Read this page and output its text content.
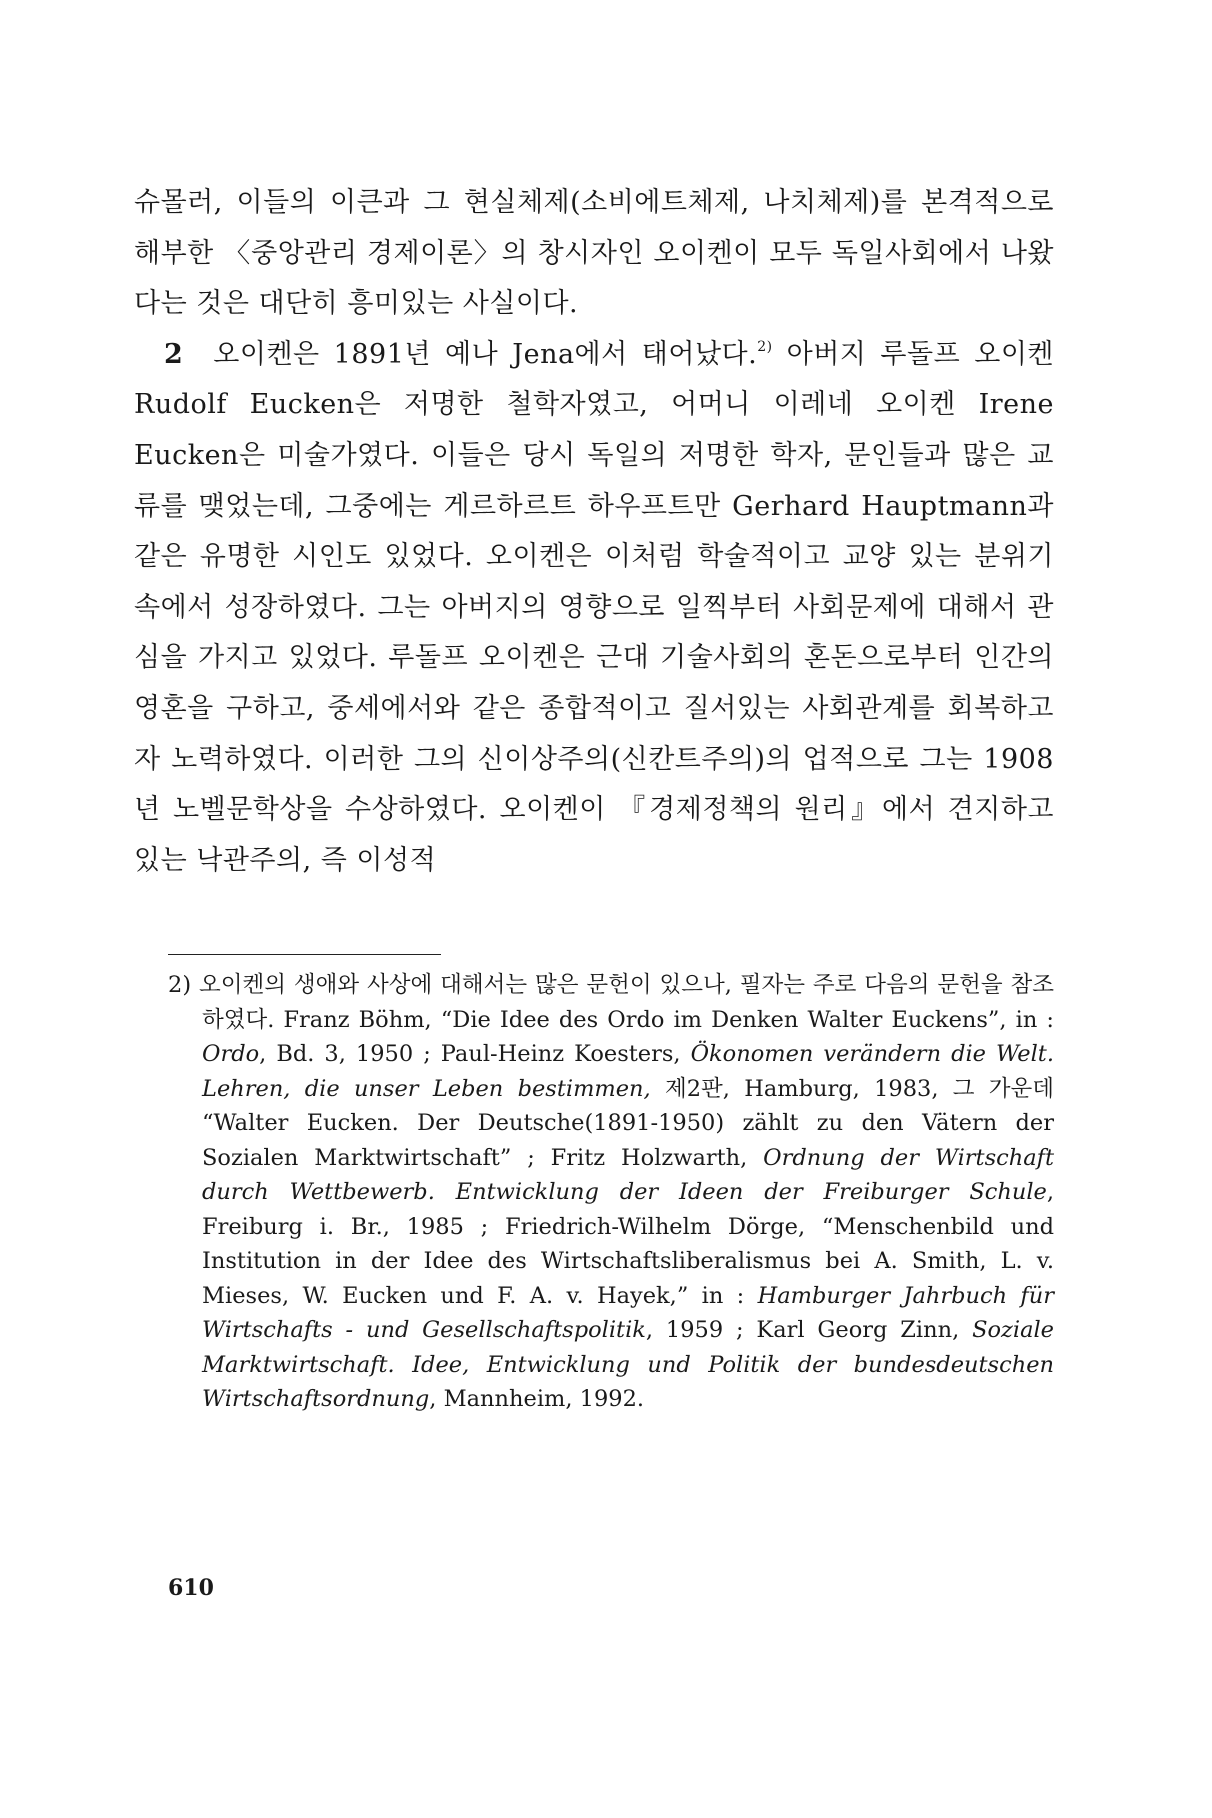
슈몰러, 이들의 이큰과 그 현실체제(소비에트체제, 나치체제)를 본격적으로 해부한 〈중앙관리 경제이론〉의 창시자인 오이켄이 모두 독일사회에서 나왔다는 것은 대단히 흥미있는 사실이다.

2 오이켄은 1891년 예나 Jena에서 태어났다.$^{2)}$ 아버지 루돌프 오이켄 Rudolf Eucken은 저명한 철학자였고, 어머니 이레네 오이켄 Irene Eucken은 미술가였다. 이들은 당시 독일의 저명한 학자, 문인들과 많은 교류를 맺었는데, 그중에는 게르하르트 하우프트만 Gerhard Hauptmann과 같은 유명한 시인도 있었다. 오이켄은 이처럼 학술적이고 교양 있는 분위기 속에서 성장하였다. 그는 아버지의 영향으로 일찍부터 사회문제에 대해서 관심을 가지고 있었다. 루돌프 오이켄은 근대 기술사회의 혼돈으로부터 인간의 영혼을 구하고, 중세에서와 같은 종합적이고 질서있는 사회관계를 회복하고자 노력하였다. 이러한 그의 신이상주의(신칸트주의)의 업적으로 그는 1908년 노벨문학상을 수상하였다. 오이켄이 『경제정책의 원리』에서 견지하고 있는 낙관주의, 즉 이성적

2) 오이켄의 생애와 사상에 대해서는 많은 문헌이 있으나, 필자는 주로 다음의 문헌을 참조하였다. Franz Böhm, “Die Idee des Ordo im Denken Walter Euckens”, in : Ordo, Bd. 3, 1950 ; Paul-Heinz Koesters, Ökonomen verändern die Welt. Lehren, die unser Leben bestimmen, 제2판, Hamburg, 1983, 그 가운데 “Walter Eucken. Der Deutsche(1891-1950) zählt zu den Vätern der Sozialen Marktwirtschaft” ; Fritz Holzwarth, Ordnung der Wirtschaft durch Wettbewerb. Entwicklung der Ideen der Freiburger Schule, Freiburg i. Br., 1985 ; Friedrich-Wilhelm Dörge, “Menschenbild und Institution in der Idee des Wirtschaftsliberalismus bei A. Smith, L. v. Mieses, W. Eucken und F. A. v. Hayek,” in : Hamburger Jahrbuch für Wirtschafts - und Gesellschaftspolitik, 1959 ; Karl Georg Zinn, Soziale Marktwirtschaft. Idee, Entwicklung und Politik der bundesdeutschen Wirtschaftsordnung, Mannheim, 1992.

610
